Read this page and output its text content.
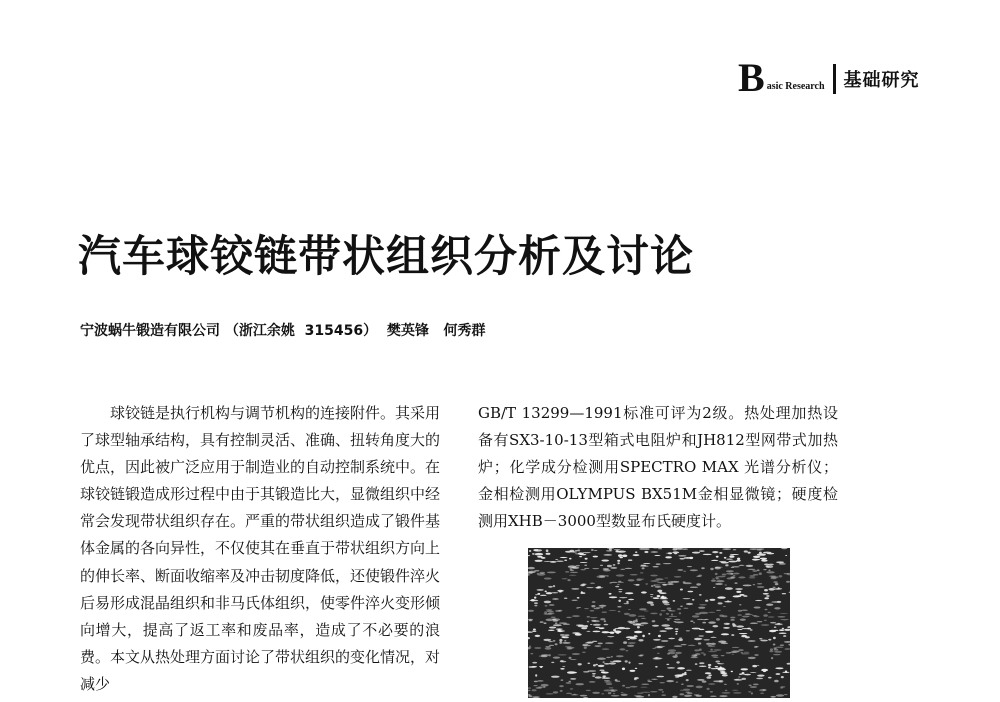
B asic Research 基础研究
汽车球铰链带状组织分析及讨论

宁波蜗牛锻造有限公司 （浙江余姚  315456）  樊英锋   何秀群

球铰链是执行机构与调节机构的连接附件。其采用了球型轴承结构，具有控制灵活、准确、扭转角度大的优点，因此被广泛应用于制造业的自动控制系统中。在球铰链锻造成形过程中由于其锻造比大，显微组织中经常会发现带状组织存在。严重的带状组织造成了锻件基体金属的各向异性，不仅使其在垂直于带状组织方向上的伸长率、断面收缩率及冲击韧度降低，还使锻件淬火后易形成混晶组织和非马氏体组织，使零件淬火变形倾向增大，提高了返工率和废品率，造成了不必要的浪费。本文从热处理方面讨论了带状组织的变化情况，对减少

GB/T 13299—1991标准可评为2级。热处理加热设备有SX3-10-13型箱式电阻炉和JH812型网带式加热炉；化学成分检测用SPECTRO MAX 光谱分析仪；金相检测用OLYMPUS BX51M金相显微镜；硬度检测用XHB－3000型数显布氏硬度计。
